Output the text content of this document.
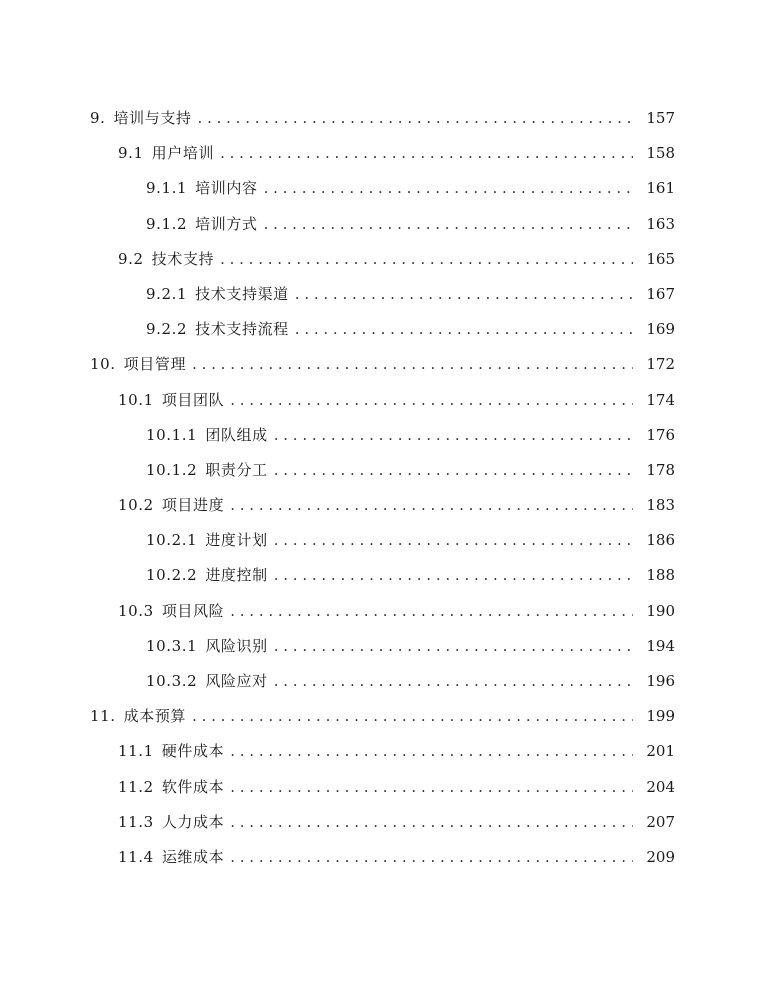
9. 培训与支持 . . .	157
9.1 用户培训 . . .	158
9.1.1 培训内容 . . .	161
9.1.2 培训方式 . . .	163
9.2 技术支持 . . .	165
9.2.1 技术支持渠道 . . .	167
9.2.2 技术支持流程 . . .	169
10. 项目管理 . . .	172
10.1 项目团队 . . .	174
10.1.1 团队组成 . . .	176
10.1.2 职责分工 . . .	178
10.2 项目进度 . . .	183
10.2.1 进度计划 . . .	186
10.2.2 进度控制 . . .	188
10.3 项目风险 . . .	190
10.3.1 风险识别 . . .	194
10.3.2 风险应对 . . .	196
11. 成本预算 . . .	199
11.1 硬件成本 . . .	201
11.2 软件成本 . . .	204
11.3 人力成本 . . .	207
11.4 运维成本 . . .	209
